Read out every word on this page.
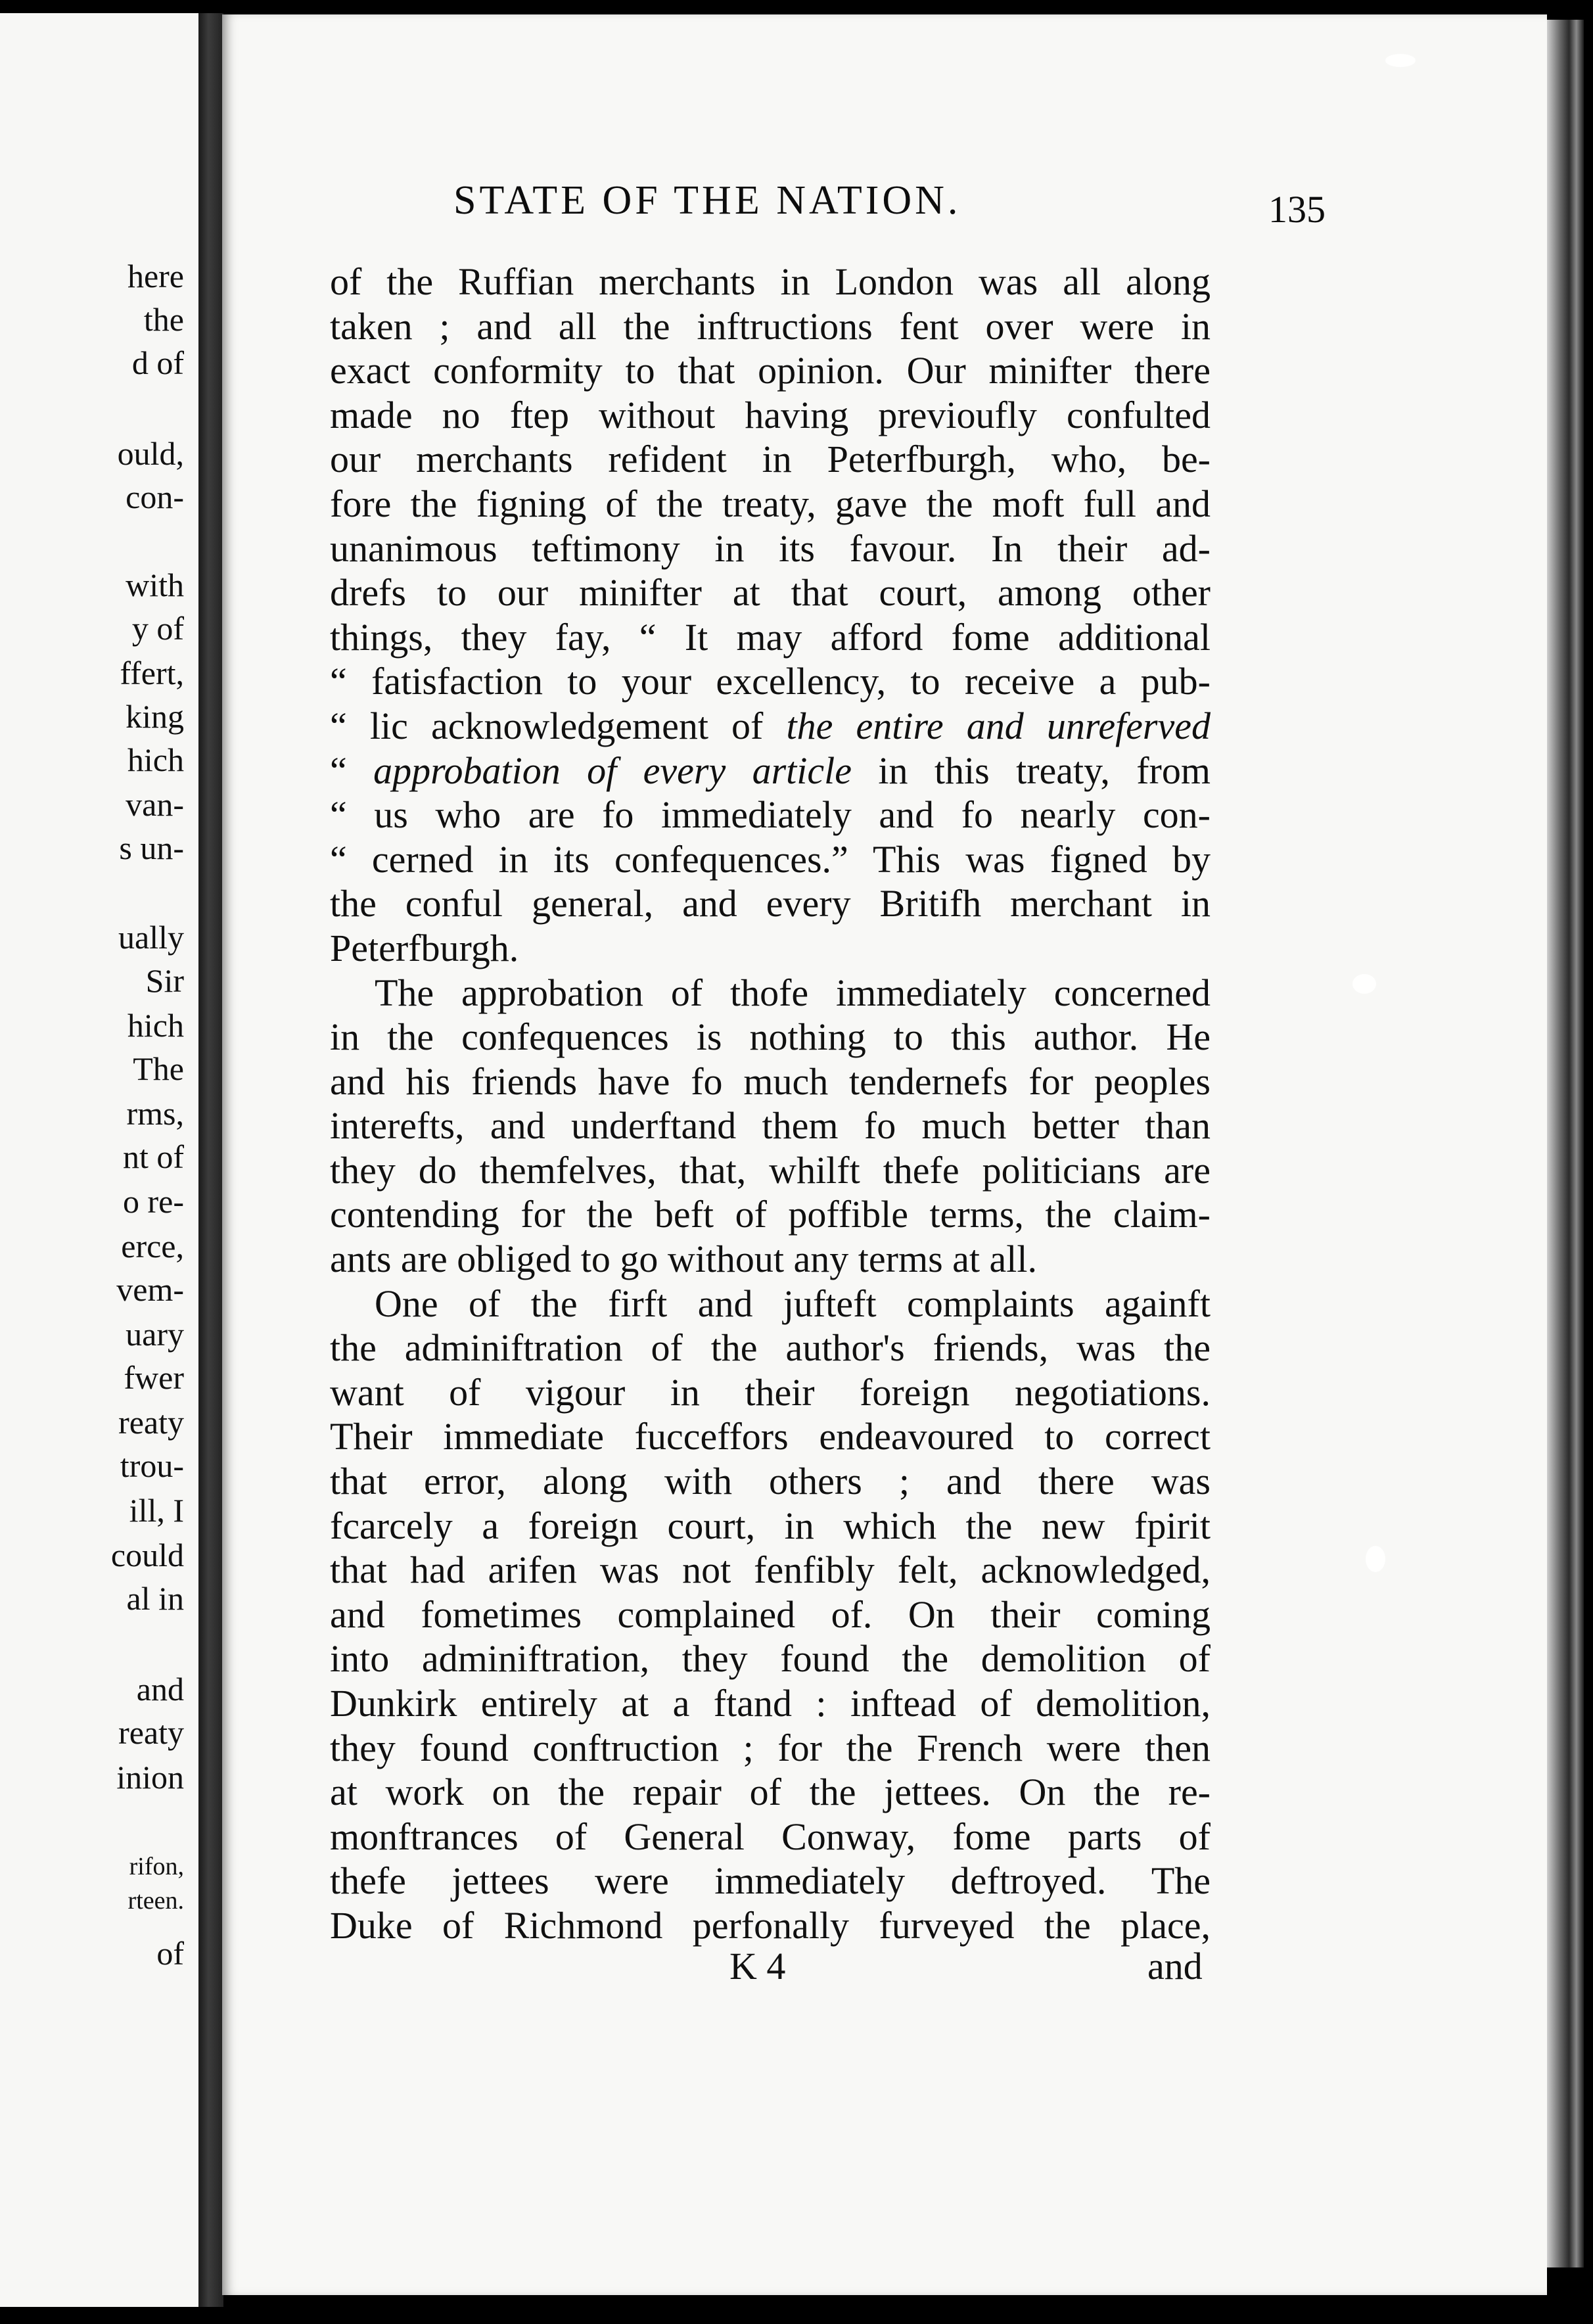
here
the
d of
ould,
con-
with
y of
ffert,
king
hich
van-
s un-
ually
Sir
hich
The
rms,
nt of
o re-
erce,
vem-
uary
fwer
reaty
trou-
ill, I
could
al in
and
reaty
inion
rifon,
rteen.
of
STATE OF THE NATION.	135
of the Ruffian merchants in London was all along
taken ; and all the inftructions fent over were in
exact conformity to that opinion. Our minifter there
made no ftep without having previoufly confulted
our merchants refident in Peterfburgh, who, be-
fore the figning of the treaty, gave the moft full and
unanimous teftimony in its favour. In their ad-
drefs to our minifter at that court, among other
things, they fay, “ It may afford fome additional
“ fatisfaction to your excellency, to receive a pub-
“ lic acknowledgement of the entire and unreferved
“ approbation of every article in this treaty, from
“ us who are fo immediately and fo nearly con-
“ cerned in its confequences.” This was figned by
the conful general, and every Britifh merchant in
Peterfburgh.
The approbation of thofe immediately concerned
in the confequences is nothing to this author. He
and his friends have fo much tendernefs for peoples
interefts, and underftand them fo much better than
they do themfelves, that, whilft thefe politicians are
contending for the beft of poffible terms, the claim-
ants are obliged to go without any terms at all.
One of the firft and jufteft complaints againft
the adminiftration of the author's friends, was the
want of vigour in their foreign negotiations.
Their immediate fucceffors endeavoured to correct
that error, along with others ; and there was
fcarcely a foreign court, in which the new fpirit
that had arifen was not fenfibly felt, acknowledged,
and fometimes complained of. On their coming
into adminiftration, they found the demolition of
Dunkirk entirely at a ftand : inftead of demolition,
they found conftruction ; for the French were then
at work on the repair of the jettees. On the re-
monftrances of General Conway, fome parts of
thefe jettees were immediately deftroyed. The
Duke of Richmond perfonally furveyed the place,
K 4	and
